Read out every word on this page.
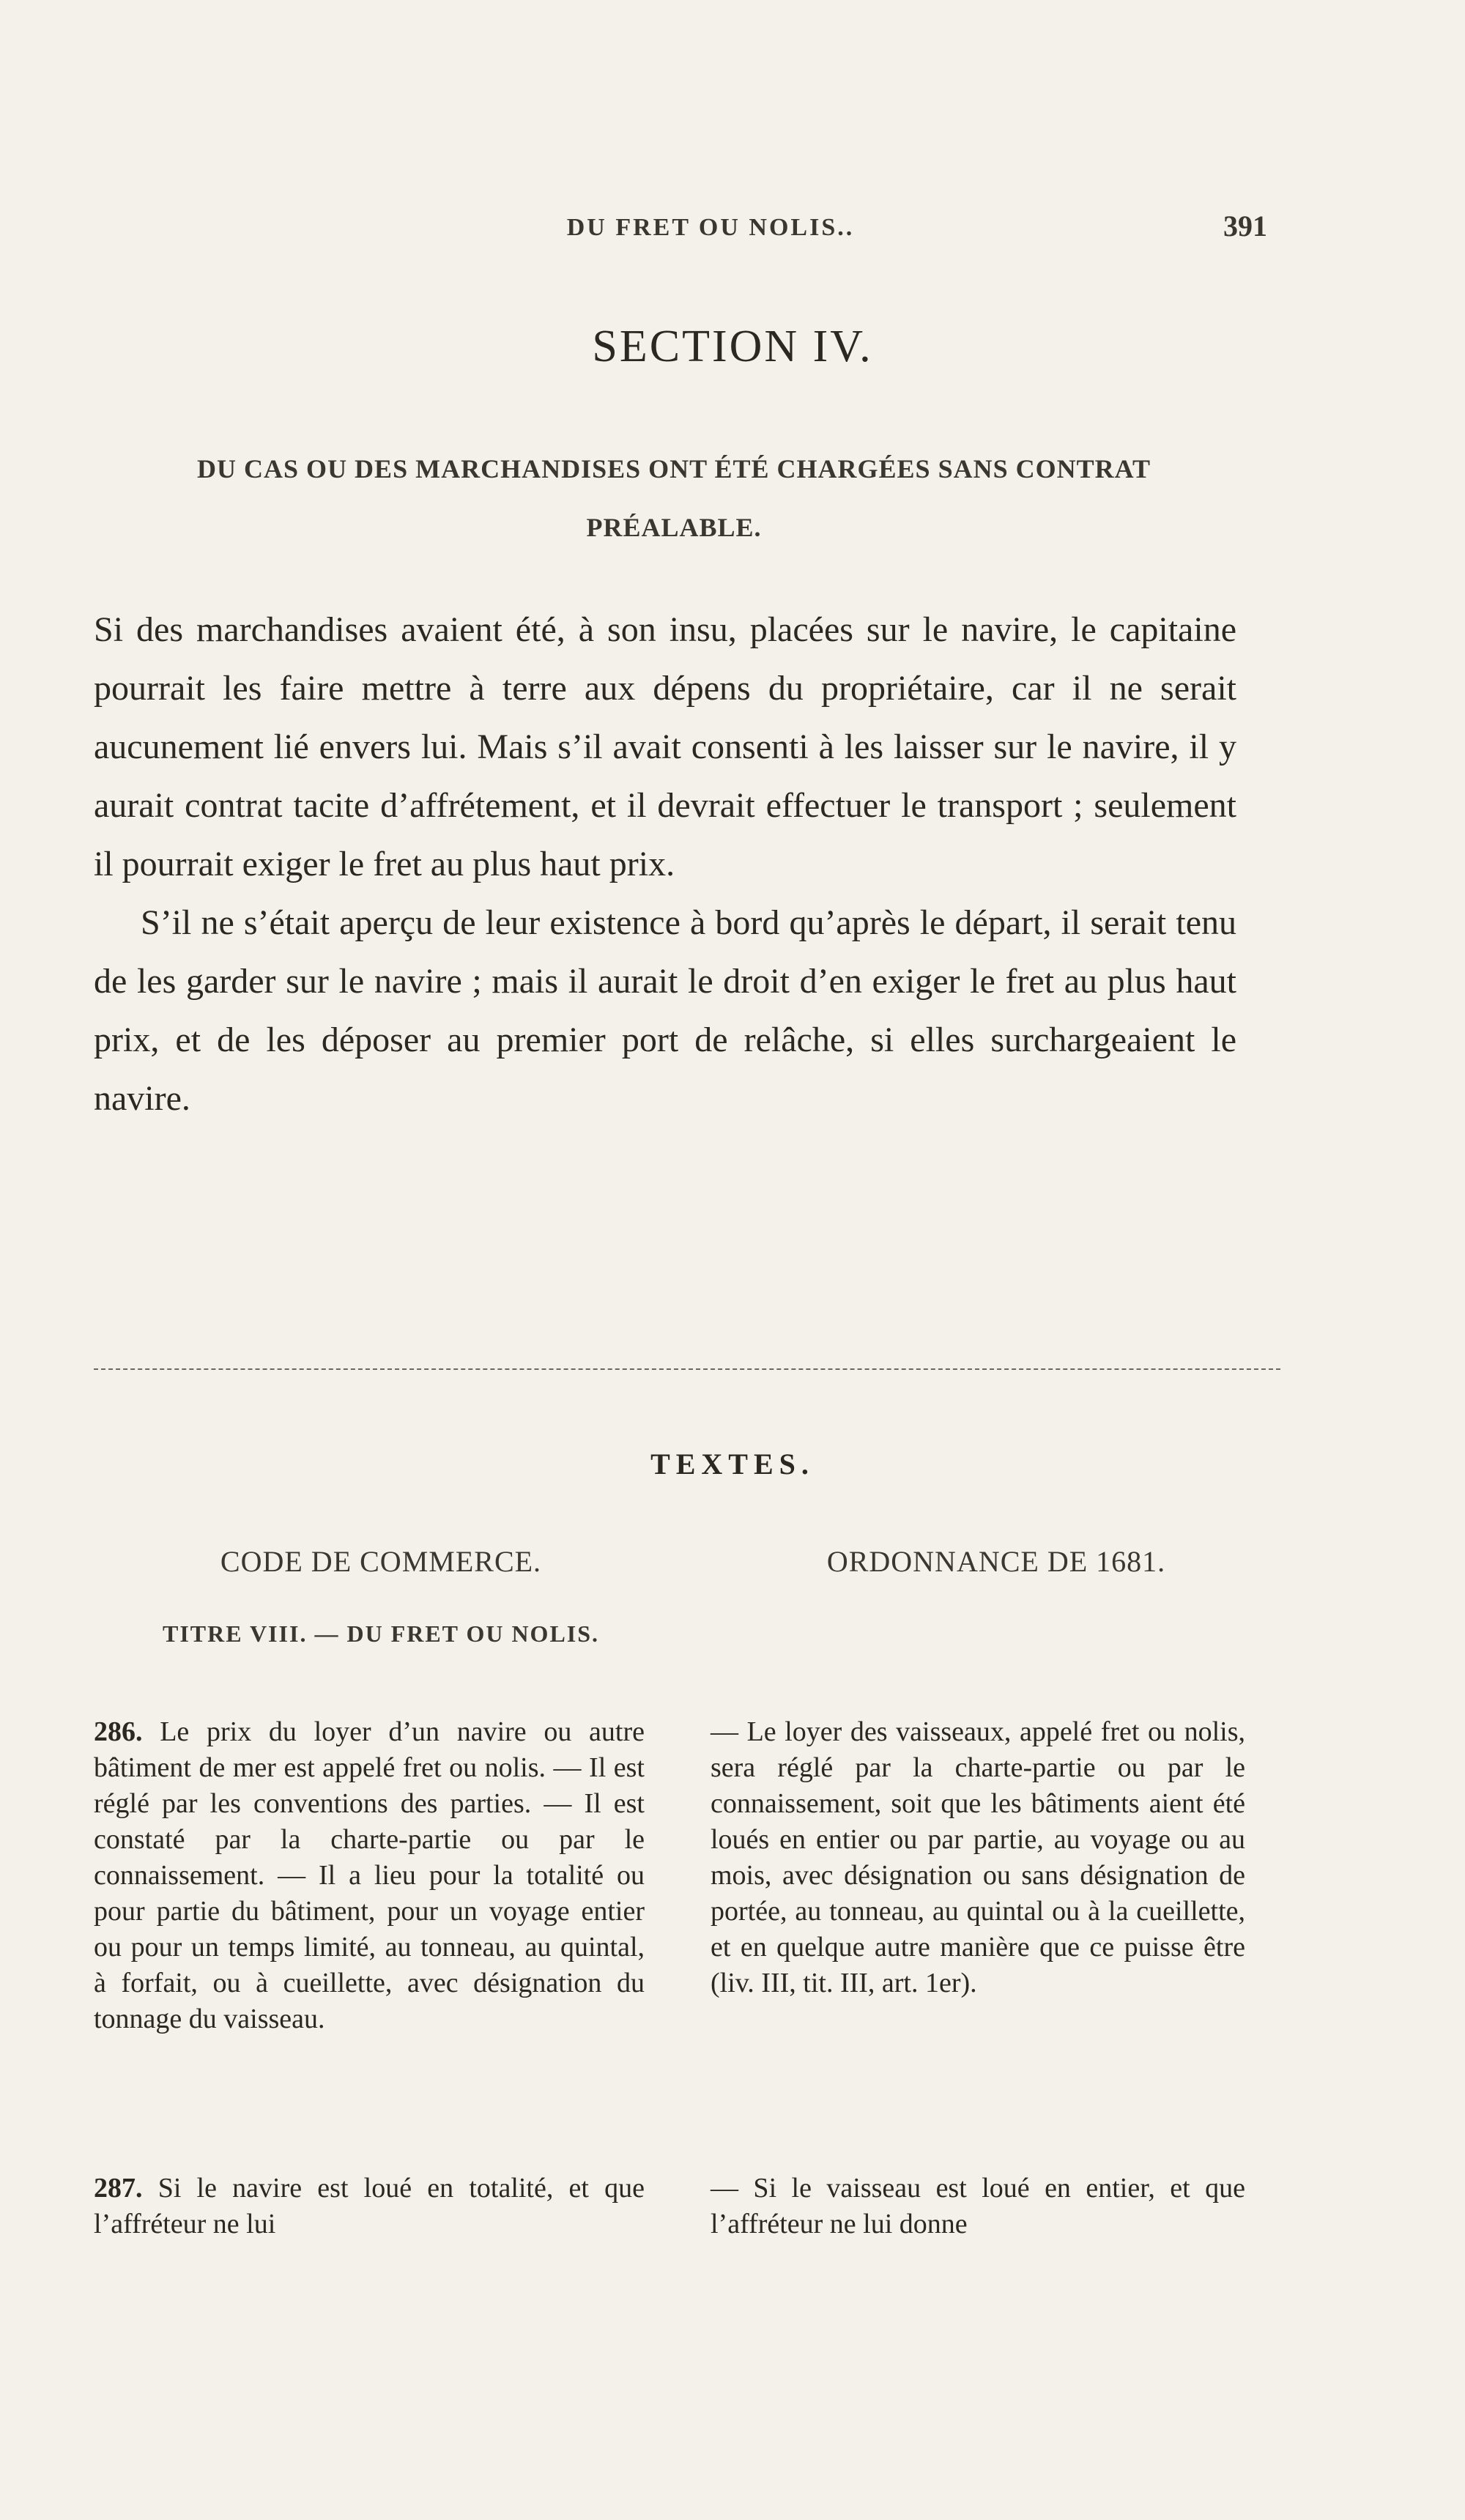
DU FRET OU NOLIS..	391
SECTION IV.
DU CAS OU DES MARCHANDISES ONT ÉTÉ CHARGÉES SANS CONTRAT PRÉALABLE.

Si des marchandises avaient été, à son insu, placées sur le navire, le capitaine pourrait les faire mettre à terre aux dépens du propriétaire, car il ne serait aucunement lié envers lui. Mais s’il avait consenti à les laisser sur le navire, il y aurait contrat tacite d’affrétement, et il devrait effectuer le transport ; seulement il pourrait exiger le fret au plus haut prix.

S’il ne s’était aperçu de leur existence à bord qu’après le départ, il serait tenu de les garder sur le navire ; mais il aurait le droit d’en exiger le fret au plus haut prix, et de les déposer au premier port de relâche, si elles surchargeaient le navire.

TEXTES.
CODE DE COMMERCE.	ORDONNANCE DE 1681.
TITRE VIII. — DU FRET OU NOLIS.

286. Le prix du loyer d’un navire ou autre bâtiment de mer est appelé fret ou nolis. — Il est réglé par les conventions des parties. — Il est constaté par la charte-partie ou par le connaissement. — Il a lieu pour la totalité ou pour partie du bâtiment, pour un voyage entier ou pour un temps limité, au tonneau, au quintal, à forfait, ou à cueillette, avec désignation du tonnage du vaisseau.

287. Si le navire est loué en totalité, et que l’affréteur ne lui

— Le loyer des vaisseaux, appelé fret ou nolis, sera réglé par la charte-partie ou par le connaissement, soit que les bâtiments aient été loués en entier ou par partie, au voyage ou au mois, avec désignation ou sans désignation de portée, au tonneau, au quintal ou à la cueillette, et en quelque autre manière que ce puisse être (liv. III, tit. III, art. 1er).

— Si le vaisseau est loué en entier, et que l’affréteur ne lui donne
